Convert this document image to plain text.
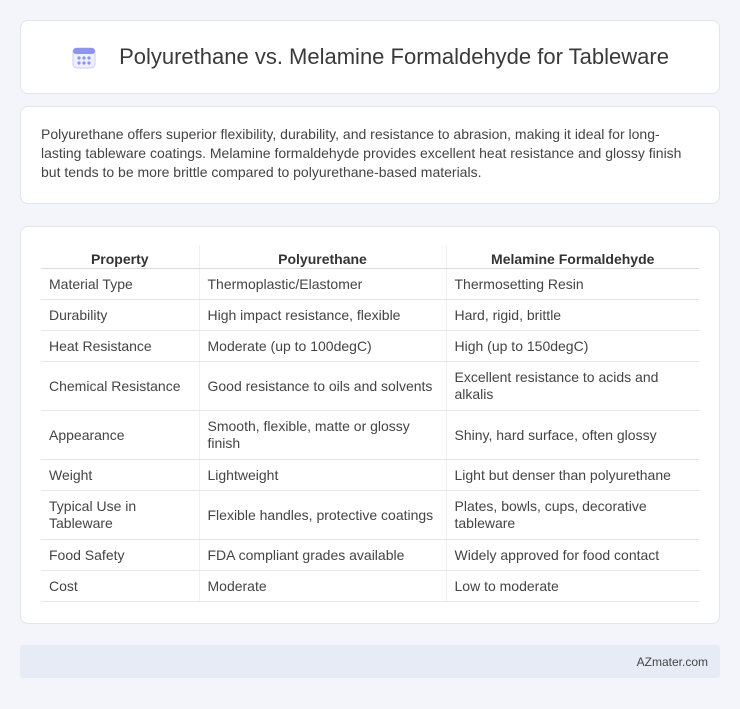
Polyurethane vs. Melamine Formaldehyde for Tableware

Polyurethane offers superior flexibility, durability, and resistance to abrasion, making it ideal for long-lasting tableware coatings. Melamine formaldehyde provides excellent heat resistance and glossy finish but tends to be more brittle compared to polyurethane-based materials.

Property	Polyurethane	Melamine Formaldehyde
Material Type	Thermoplastic/Elastomer	Thermosetting Resin
Durability	High impact resistance, flexible	Hard, rigid, brittle
Heat Resistance	Moderate (up to 100degC)	High (up to 150degC)
Chemical Resistance	Good resistance to oils and solvents	Excellent resistance to acids and alkalis
Appearance	Smooth, flexible, matte or glossy finish	Shiny, hard surface, often glossy
Weight	Lightweight	Light but denser than polyurethane
Typical Use in Tableware	Flexible handles, protective coatings	Plates, bowls, cups, decorative tableware
Food Safety	FDA compliant grades available	Widely approved for food contact
Cost	Moderate	Low to moderate
AZmater.com
